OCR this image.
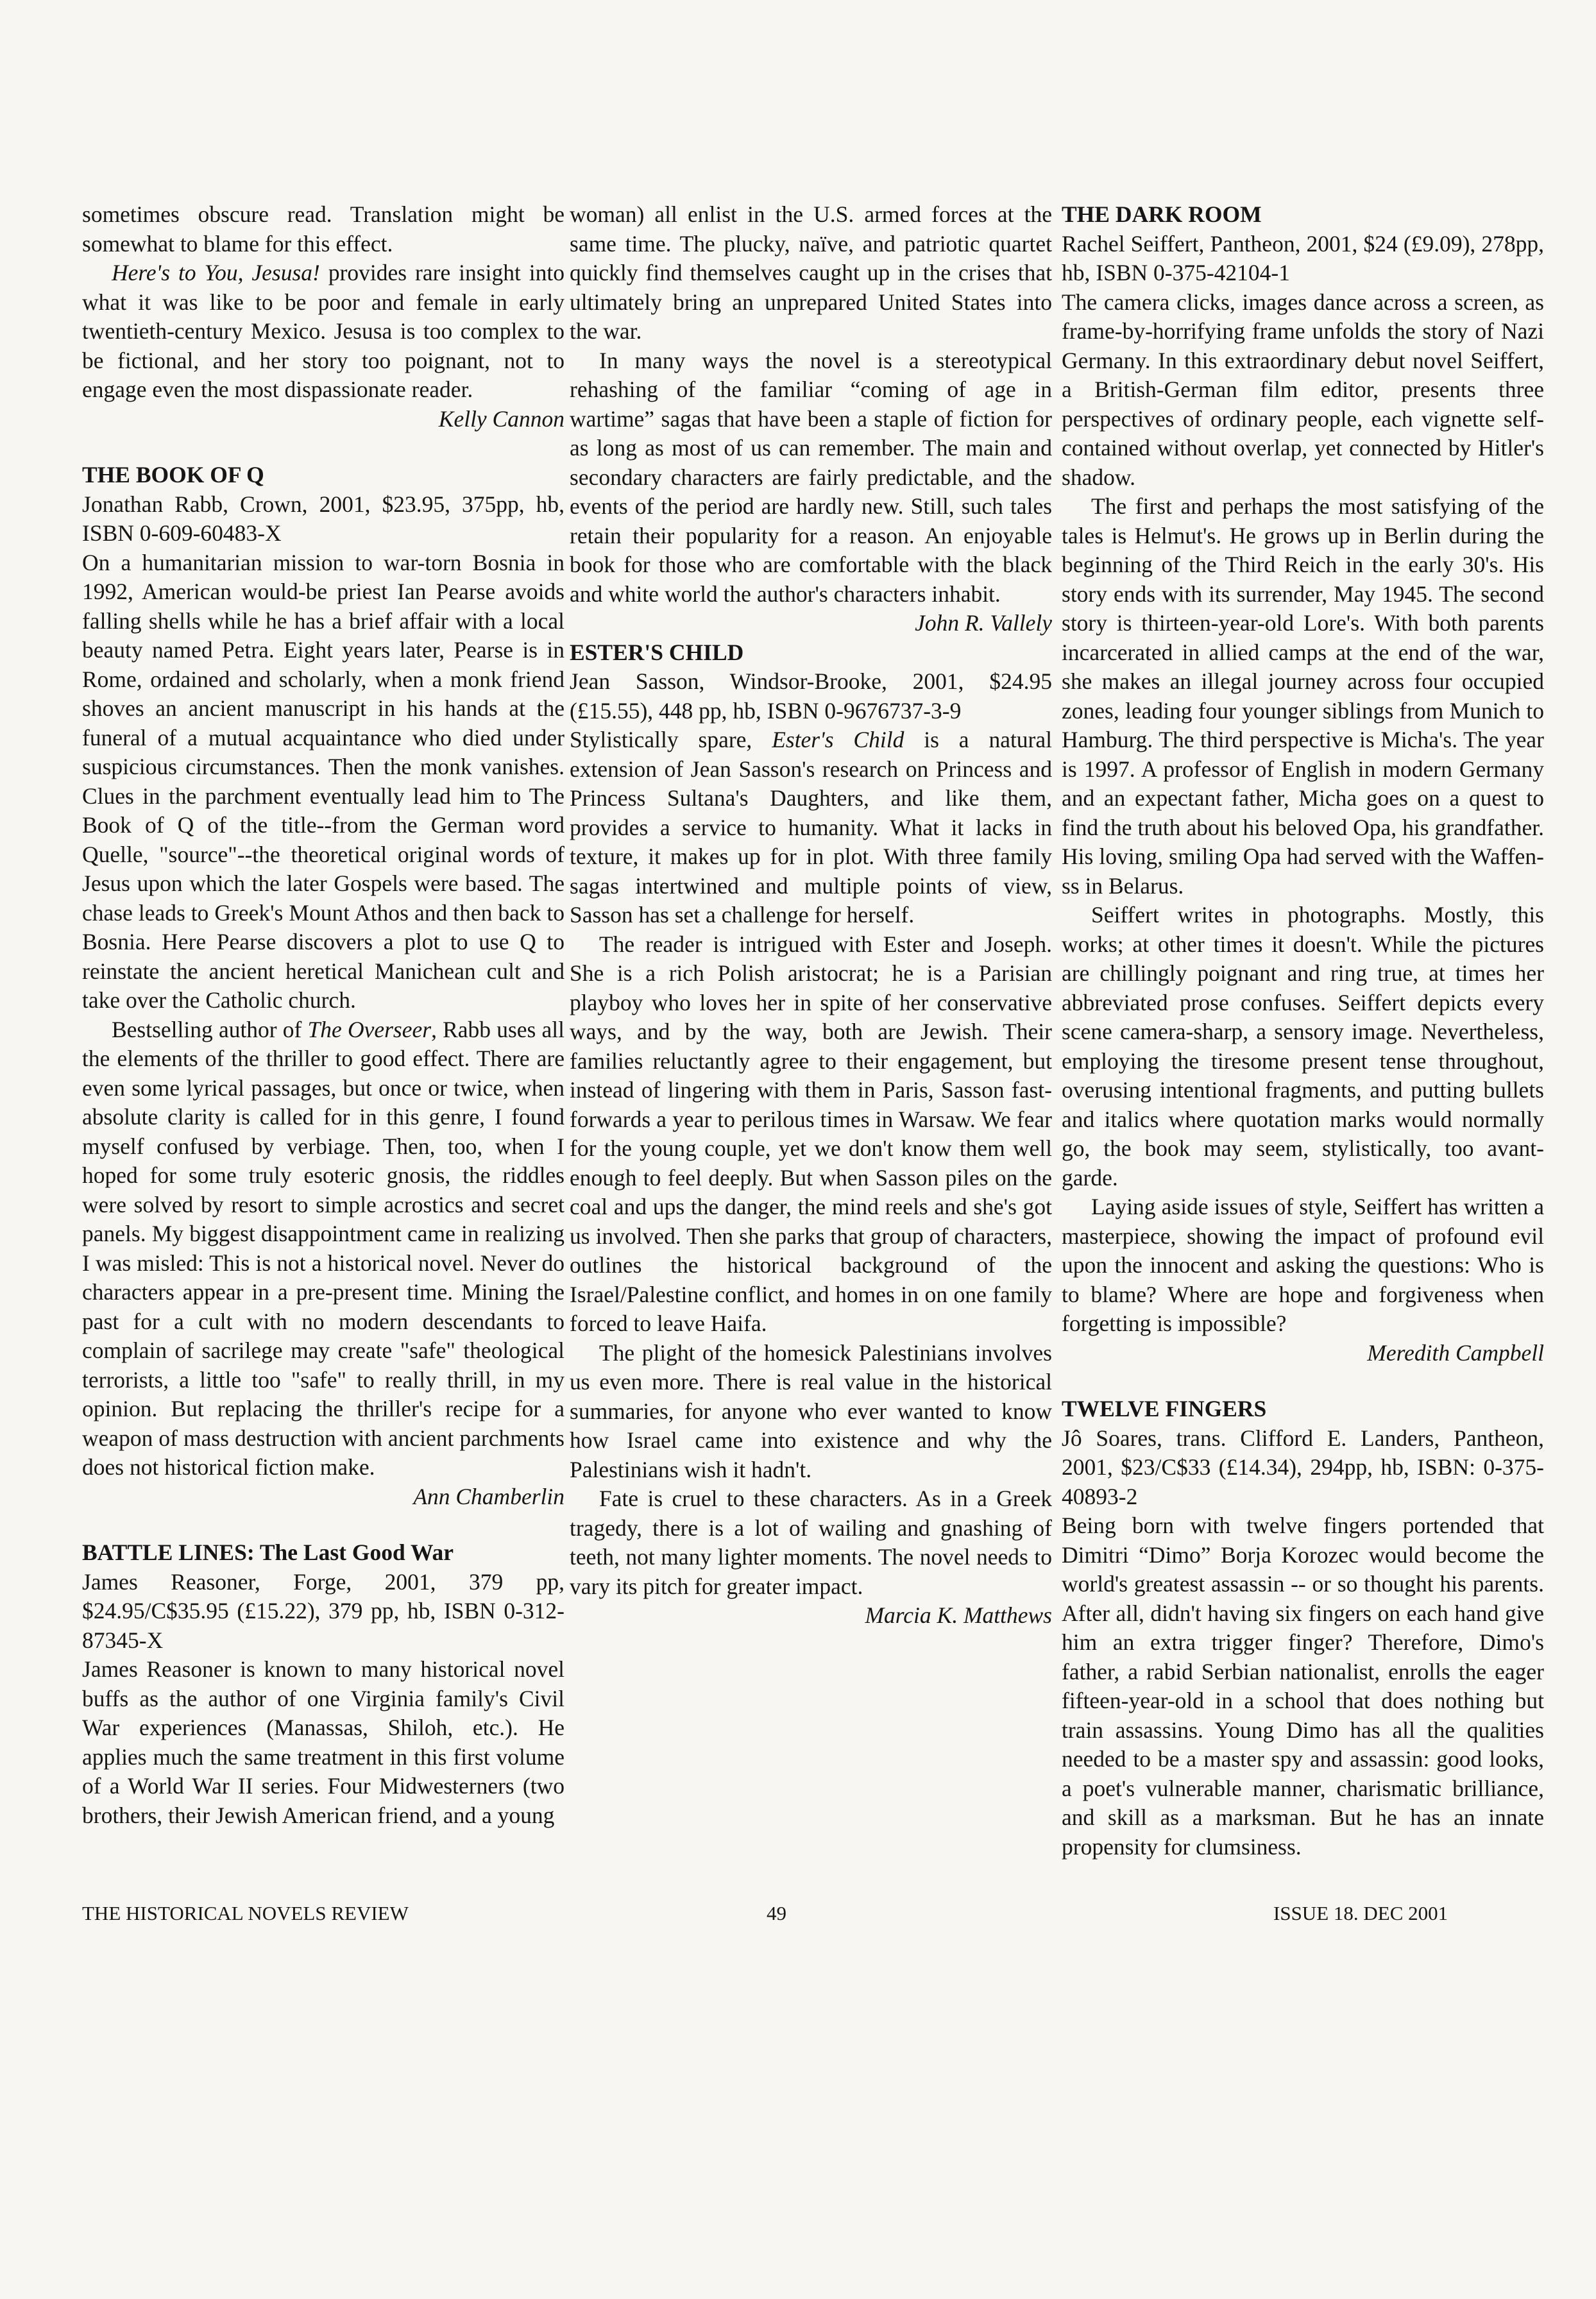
sometimes obscure read. Translation might be somewhat to blame for this effect.

Here's to You, Jesusa! provides rare insight into what it was like to be poor and female in early twentieth-century Mexico. Jesusa is too complex to be fictional, and her story too poignant, not to engage even the most dispassionate reader.

Kelly Cannon

THE BOOK OF Q

Jonathan Rabb, Crown, 2001, $23.95, 375pp, hb, ISBN 0-609-60483-X

On a humanitarian mission to war-torn Bosnia in 1992, American would-be priest Ian Pearse avoids falling shells while he has a brief affair with a local beauty named Petra. Eight years later, Pearse is in Rome, ordained and scholarly, when a monk friend shoves an ancient manuscript in his hands at the funeral of a mutual acquaintance who died under suspicious circumstances. Then the monk vanishes. Clues in the parchment eventually lead him to The Book of Q of the title--from the German word Quelle, "source"--the theoretical original words of Jesus upon which the later Gospels were based. The chase leads to Greek's Mount Athos and then back to Bosnia. Here Pearse discovers a plot to use Q to reinstate the ancient heretical Manichean cult and take over the Catholic church.

Bestselling author of The Overseer, Rabb uses all the elements of the thriller to good effect. There are even some lyrical passages, but once or twice, when absolute clarity is called for in this genre, I found myself confused by verbiage. Then, too, when I hoped for some truly esoteric gnosis, the riddles were solved by resort to simple acrostics and secret panels. My biggest disappointment came in realizing I was misled: This is not a historical novel. Never do characters appear in a pre-present time. Mining the past for a cult with no modern descendants to complain of sacrilege may create "safe" theological terrorists, a little too "safe" to really thrill, in my opinion. But replacing the thriller's recipe for a weapon of mass destruction with ancient parchments does not historical fiction make.

Ann Chamberlin

BATTLE LINES: The Last Good War

James Reasoner, Forge, 2001, 379 pp, $24.95/C$35.95 (£15.22), 379 pp, hb, ISBN 0-312-87345-X

James Reasoner is known to many historical novel buffs as the author of one Virginia family's Civil War experiences (Manassas, Shiloh, etc.). He applies much the same treatment in this first volume of a World War II series. Four Midwesterners (two brothers, their Jewish American friend, and a young

woman) all enlist in the U.S. armed forces at the same time. The plucky, naïve, and patriotic quartet quickly find themselves caught up in the crises that ultimately bring an unprepared United States into the war.

In many ways the novel is a stereotypical rehashing of the familiar “coming of age in wartime” sagas that have been a staple of fiction for as long as most of us can remember. The main and secondary characters are fairly predictable, and the events of the period are hardly new. Still, such tales retain their popularity for a reason. An enjoyable book for those who are comfortable with the black and white world the author's characters inhabit.

John R. Vallely

ESTER'S CHILD

Jean Sasson, Windsor-Brooke, 2001, $24.95 (£15.55), 448 pp, hb, ISBN 0-9676737-3-9

Stylistically spare, Ester's Child is a natural extension of Jean Sasson's research on Princess and Princess Sultana's Daughters, and like them, provides a service to humanity. What it lacks in texture, it makes up for in plot. With three family sagas intertwined and multiple points of view, Sasson has set a challenge for herself.

The reader is intrigued with Ester and Joseph. She is a rich Polish aristocrat; he is a Parisian playboy who loves her in spite of her conservative ways, and by the way, both are Jewish. Their families reluctantly agree to their engagement, but instead of lingering with them in Paris, Sasson fast-forwards a year to perilous times in Warsaw. We fear for the young couple, yet we don't know them well enough to feel deeply. But when Sasson piles on the coal and ups the danger, the mind reels and she's got us involved. Then she parks that group of characters, outlines the historical background of the Israel/Palestine conflict, and homes in on one family forced to leave Haifa.

The plight of the homesick Palestinians involves us even more. There is real value in the historical summaries, for anyone who ever wanted to know how Israel came into existence and why the Palestinians wish it hadn't.

Fate is cruel to these characters. As in a Greek tragedy, there is a lot of wailing and gnashing of teeth, not many lighter moments. The novel needs to vary its pitch for greater impact.

Marcia K. Matthews

THE DARK ROOM

Rachel Seiffert, Pantheon, 2001, $24 (£9.09), 278pp, hb, ISBN 0-375-42104-1

The camera clicks, images dance across a screen, as frame-by-horrifying frame unfolds the story of Nazi Germany. In this extraordinary debut novel Seiffert, a British-German film editor, presents three perspectives of ordinary people, each vignette self-contained without overlap, yet connected by Hitler's shadow.

The first and perhaps the most satisfying of the tales is Helmut's. He grows up in Berlin during the beginning of the Third Reich in the early 30's. His story ends with its surrender, May 1945. The second story is thirteen-year-old Lore's. With both parents incarcerated in allied camps at the end of the war, she makes an illegal journey across four occupied zones, leading four younger siblings from Munich to Hamburg. The third perspective is Micha's. The year is 1997. A professor of English in modern Germany and an expectant father, Micha goes on a quest to find the truth about his beloved Opa, his grandfather. His loving, smiling Opa had served with the Waffen-ss in Belarus.

Seiffert writes in photographs. Mostly, this works; at other times it doesn't. While the pictures are chillingly poignant and ring true, at times her abbreviated prose confuses. Seiffert depicts every scene camera-sharp, a sensory image. Nevertheless, employing the tiresome present tense throughout, overusing intentional fragments, and putting bullets and italics where quotation marks would normally go, the book may seem, stylistically, too avant-garde.

Laying aside issues of style, Seiffert has written a masterpiece, showing the impact of profound evil upon the innocent and asking the questions: Who is to blame? Where are hope and forgiveness when forgetting is impossible?

Meredith Campbell

TWELVE FINGERS

Jô Soares, trans. Clifford E. Landers, Pantheon, 2001, $23/C$33 (£14.34), 294pp, hb, ISBN: 0-375-40893-2

Being born with twelve fingers portended that Dimitri “Dimo” Borja Korozec would become the world's greatest assassin -- or so thought his parents. After all, didn't having six fingers on each hand give him an extra trigger finger? Therefore, Dimo's father, a rabid Serbian nationalist, enrolls the eager fifteen-year-old in a school that does nothing but train assassins. Young Dimo has all the qualities needed to be a master spy and assassin: good looks, a poet's vulnerable manner, charismatic brilliance, and skill as a marksman. But he has an innate propensity for clumsiness.

THE HISTORICAL NOVELS REVIEW	49	ISSUE 18. DEC 2001
